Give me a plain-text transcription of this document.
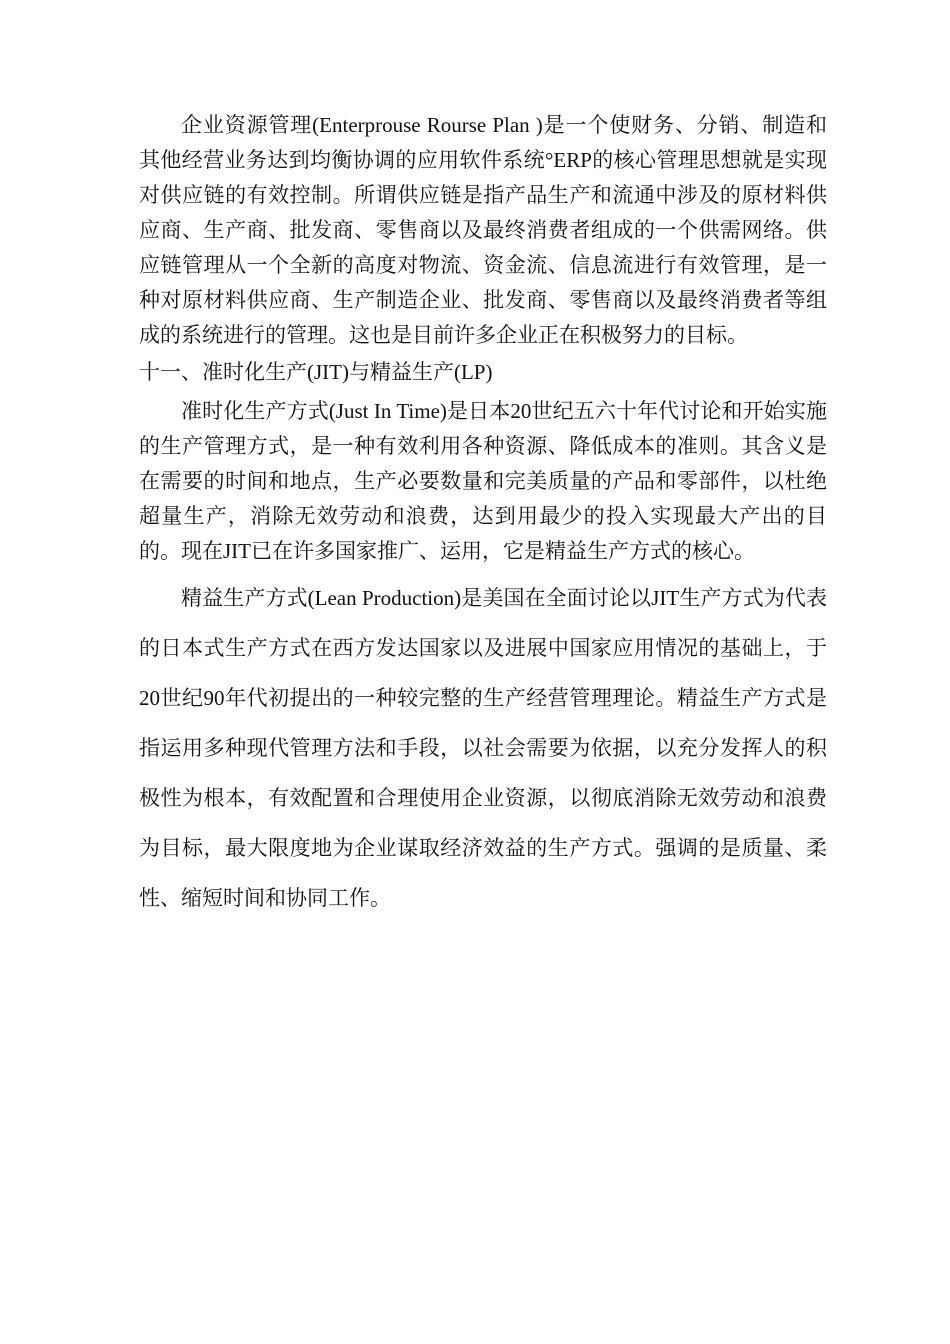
企业资源管理(Enterprouse Rourse Plan )是一个使财务、分销、制造和其他经营业务达到均衡协调的应用软件系统°ERP的核心管理思想就是实现对供应链的有效控制。所谓供应链是指产品生产和流通中涉及的原材料供应商、生产商、批发商、零售商以及最终消费者组成的一个供需网络。供应链管理从一个全新的高度对物流、资金流、信息流进行有效管理，是一种对原材料供应商、生产制造企业、批发商、零售商以及最终消费者等组成的系统进行的管理。这也是目前许多企业正在积极努力的目标。

十一、准时化生产(JIT)与精益生产(LP)

准时化生产方式(Just In Time)是日本20世纪五六十年代讨论和开始实施的生产管理方式，是一种有效利用各种资源、降低成本的准则。其含义是在需要的时间和地点，生产必要数量和完美质量的产品和零部件，以杜绝超量生产，消除无效劳动和浪费，达到用最少的投入实现最大产出的目的。现在JIT已在许多国家推广、运用，它是精益生产方式的核心。

精益生产方式(Lean Production)是美国在全面讨论以JIT生产方式为代表的日本式生产方式在西方发达国家以及进展中国家应用情况的基础上，于20世纪90年代初提出的一种较完整的生产经营管理理论。精益生产方式是指运用多种现代管理方法和手段，以社会需要为依据，以充分发挥人的积极性为根本，有效配置和合理使用企业资源，以彻底消除无效劳动和浪费为目标，最大限度地为企业谋取经济效益的生产方式。强调的是质量、柔性、缩短时间和协同工作。
